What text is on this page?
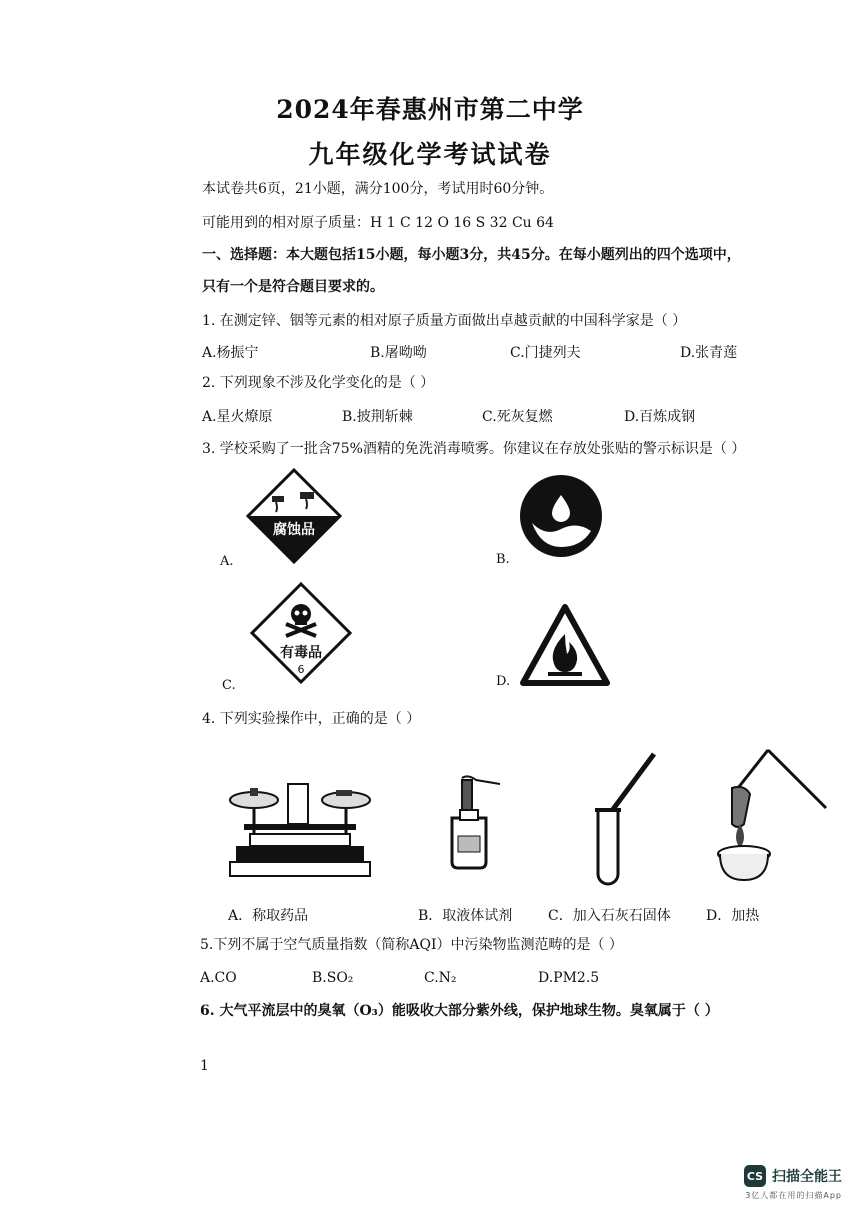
2024年春惠州市第二中学
九年级化学考试试卷
本试卷共6页，21小题，满分100分，考试用时60分钟。
可能用到的相对原子质量：H 1 C 12 O 16 S 32 Cu 64
一、选择题：本大题包括15小题，每小题3分，共45分。在每小题列出的四个选项中，
只有一个是符合题目要求的。
1. 在测定锌、铟等元素的相对原子质量方面做出卓越贡献的中国科学家是（ ）
A.杨振宁	B.屠呦呦	C.门捷列夫	D.张青莲
2. 下列现象不涉及化学变化的是（ ）
A.星火燎原	B.披荆斩棘	C.死灰复燃	D.百炼成钢
3. 学校采购了一批含75%酒精的免洗消毒喷雾。你建议在存放处张贴的警示标识是（ ）
腐蚀品
A.	B.
有毒品
6
C.	D.
4. 下列实验操作中，正确的是（ ）
A．称取药品	B．取液体试剂	C．加入石灰石固体	D．加热
5.下列不属于空气质量指数（简称AQI）中污染物监测范畴的是（ ）
A.CO	B.SO₂	C.N₂	D.PM2.5
6. 大气平流层中的臭氧（O₃）能吸收大部分紫外线，保护地球生物。臭氧属于（ ）
1
CS 扫描全能王
3亿人都在用的扫描App
